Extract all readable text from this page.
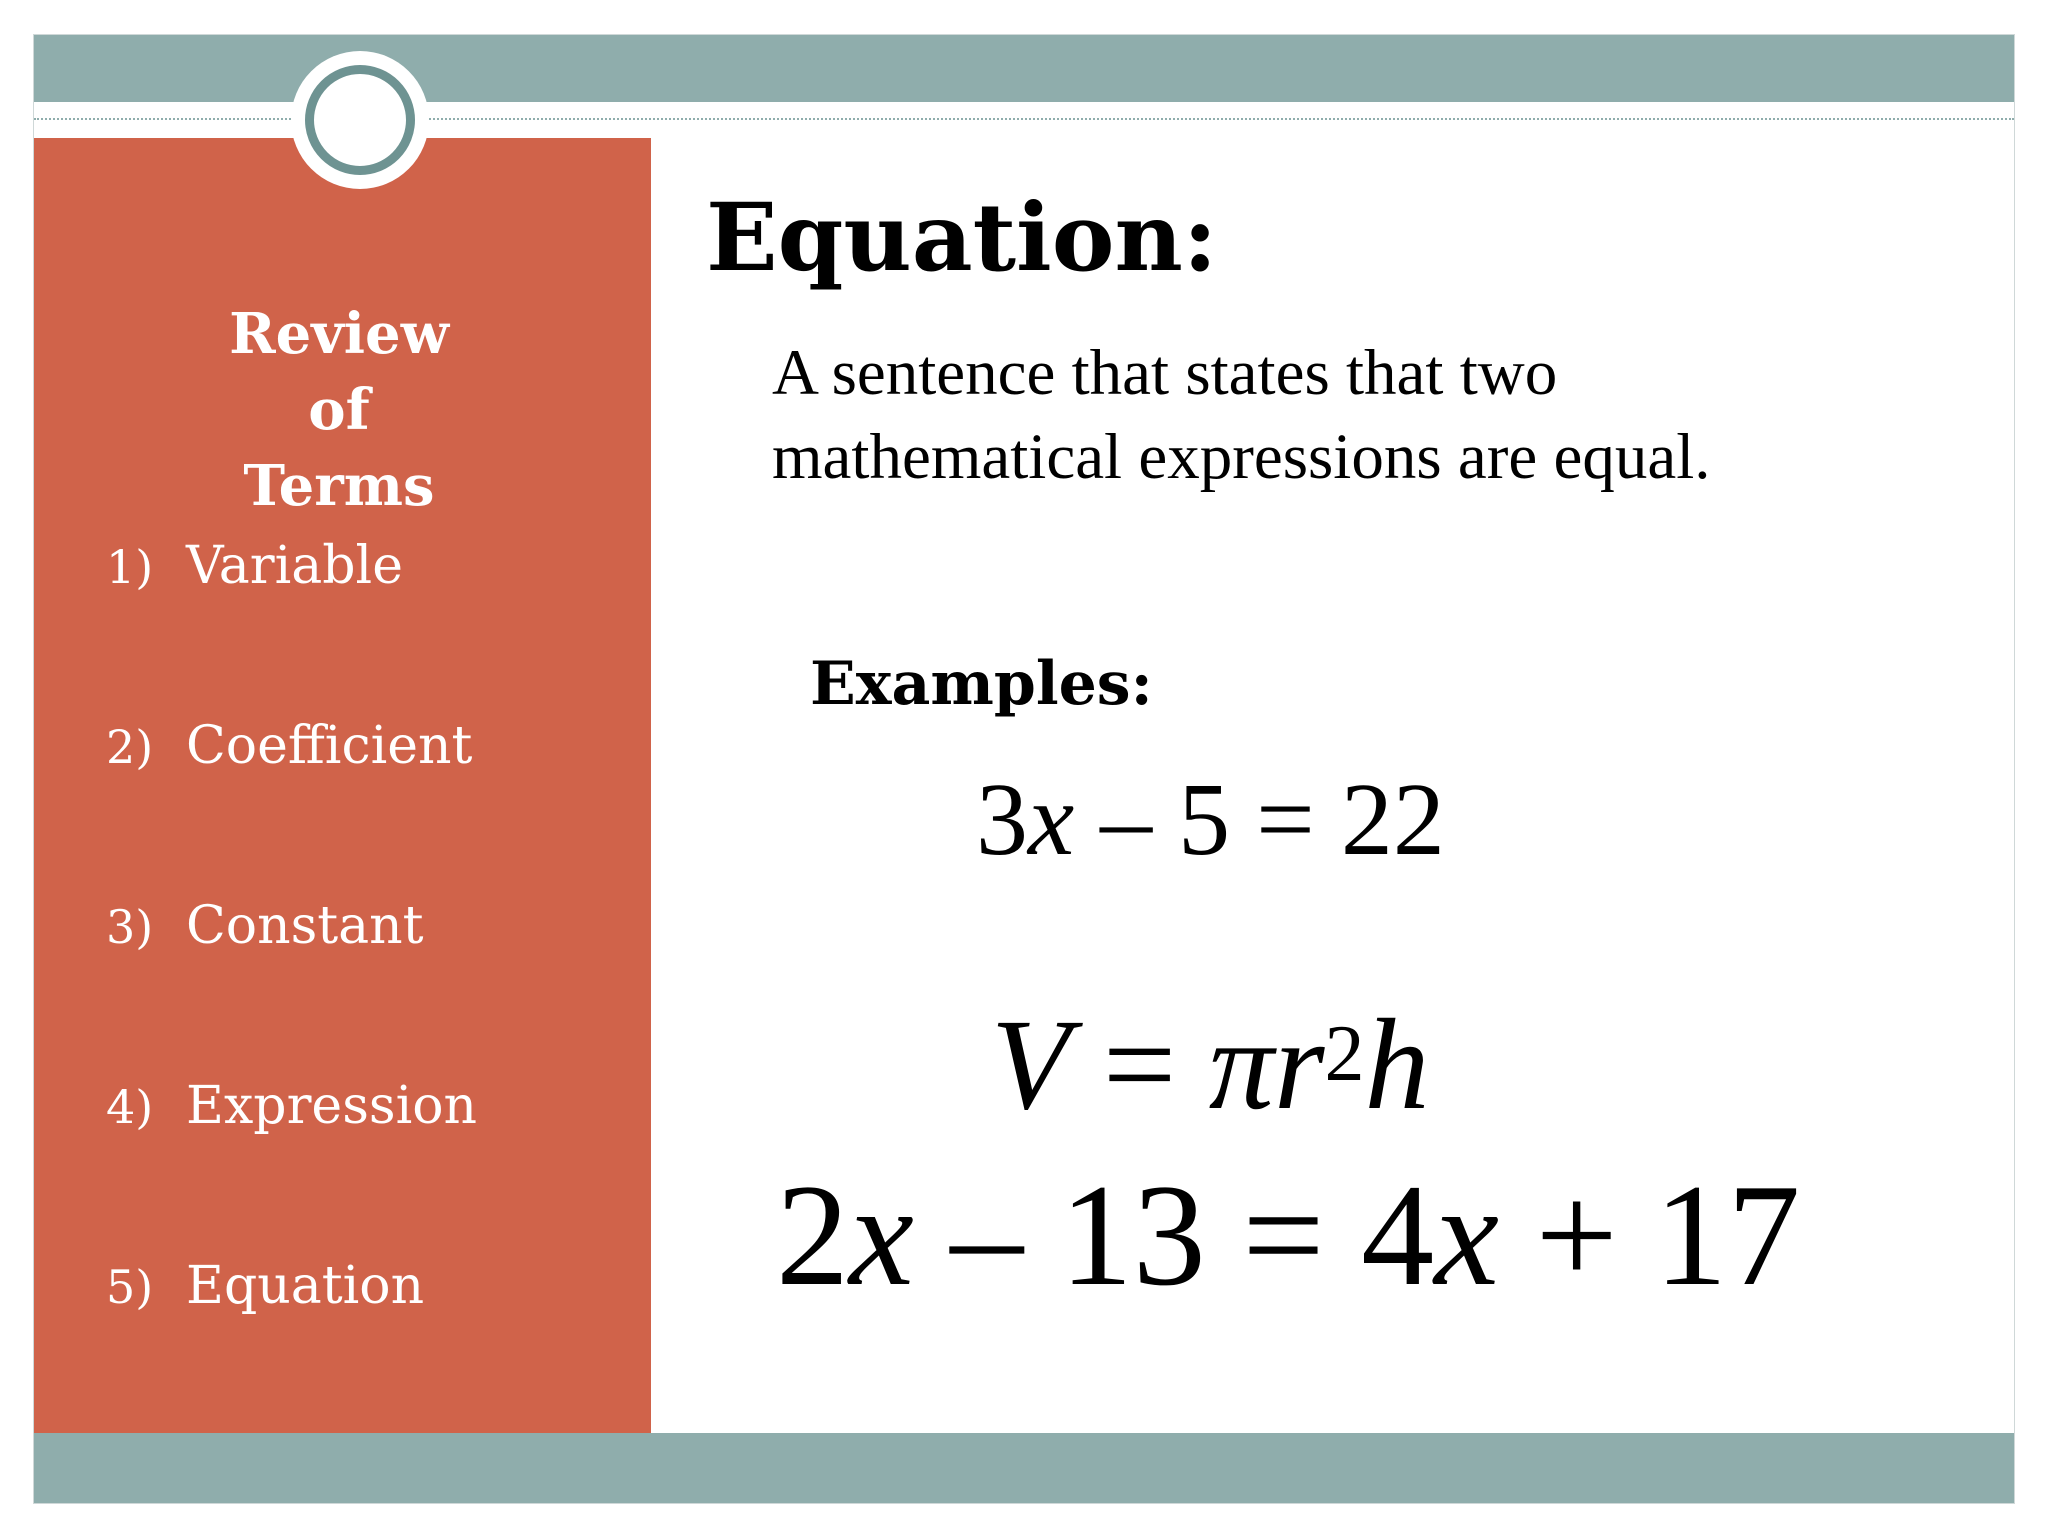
Review
of
Terms
1) Variable
2) Coefficient
3) Constant
4) Expression
5) Equation
Equation:
A sentence that states that two mathematical expressions are equal.
Examples:
3x – 5 = 22
$V = \pi r^2h$
2x – 13 = 4x + 17
